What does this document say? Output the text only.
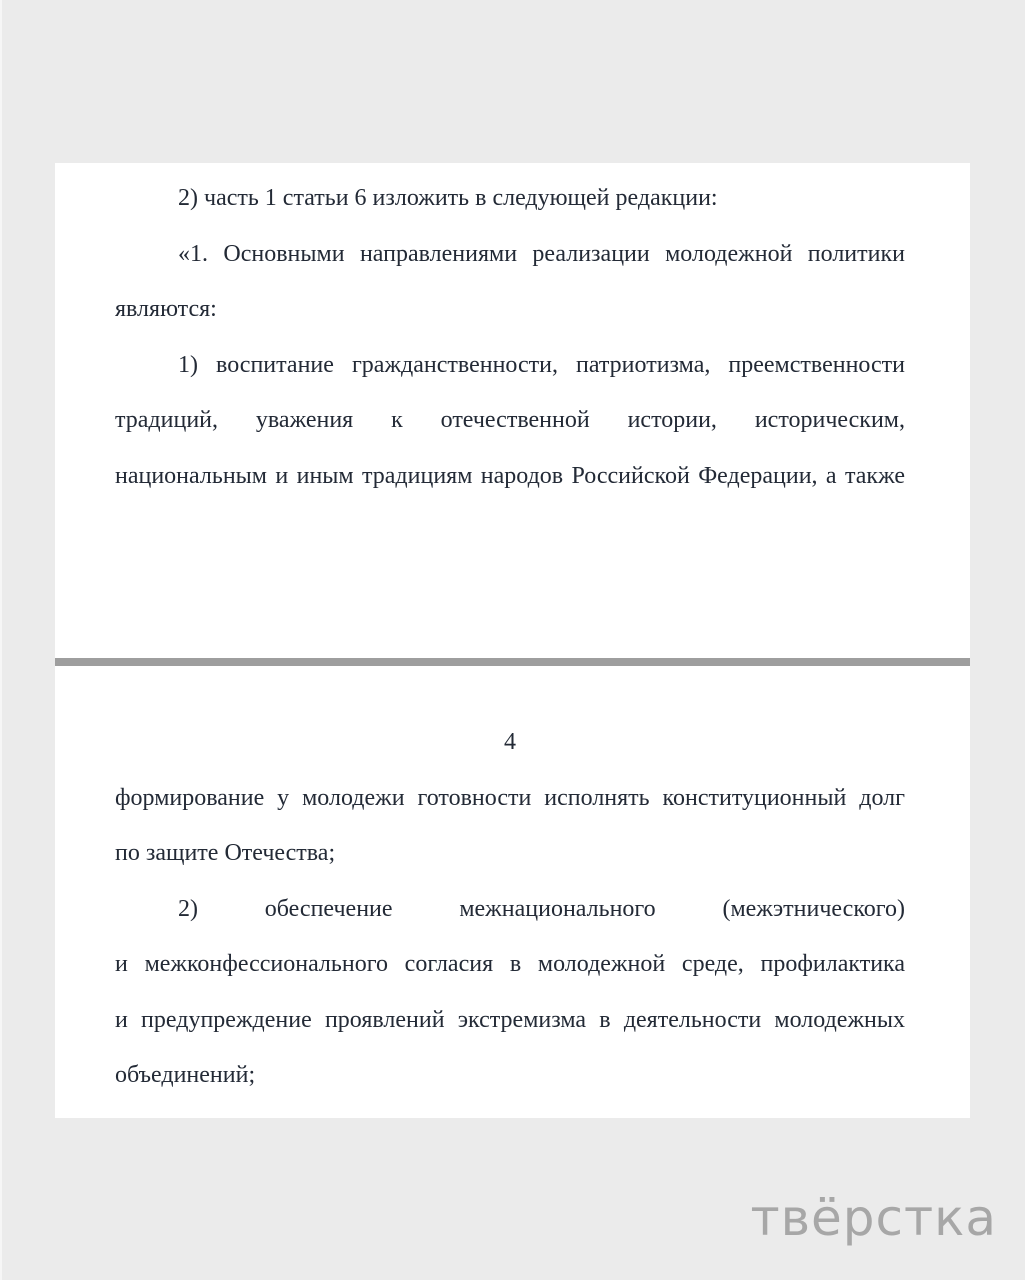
2) часть 1 статьи 6 изложить в следующей редакции:
«1. Основными направлениями реализации молодежной политики
являются:
1) воспитание гражданственности, патриотизма, преемственности
традиций, уважения к отечественной истории, историческим,
национальным и иным традициям народов Российской Федерации, а также
4
формирование у молодежи готовности исполнять конституционный долг
по защите Отечества;
2) обеспечение межнационального (межэтнического)
и межконфессионального согласия в молодежной среде, профилактика
и предупреждение проявлений экстремизма в деятельности молодежных
объединений;
твёрстка
